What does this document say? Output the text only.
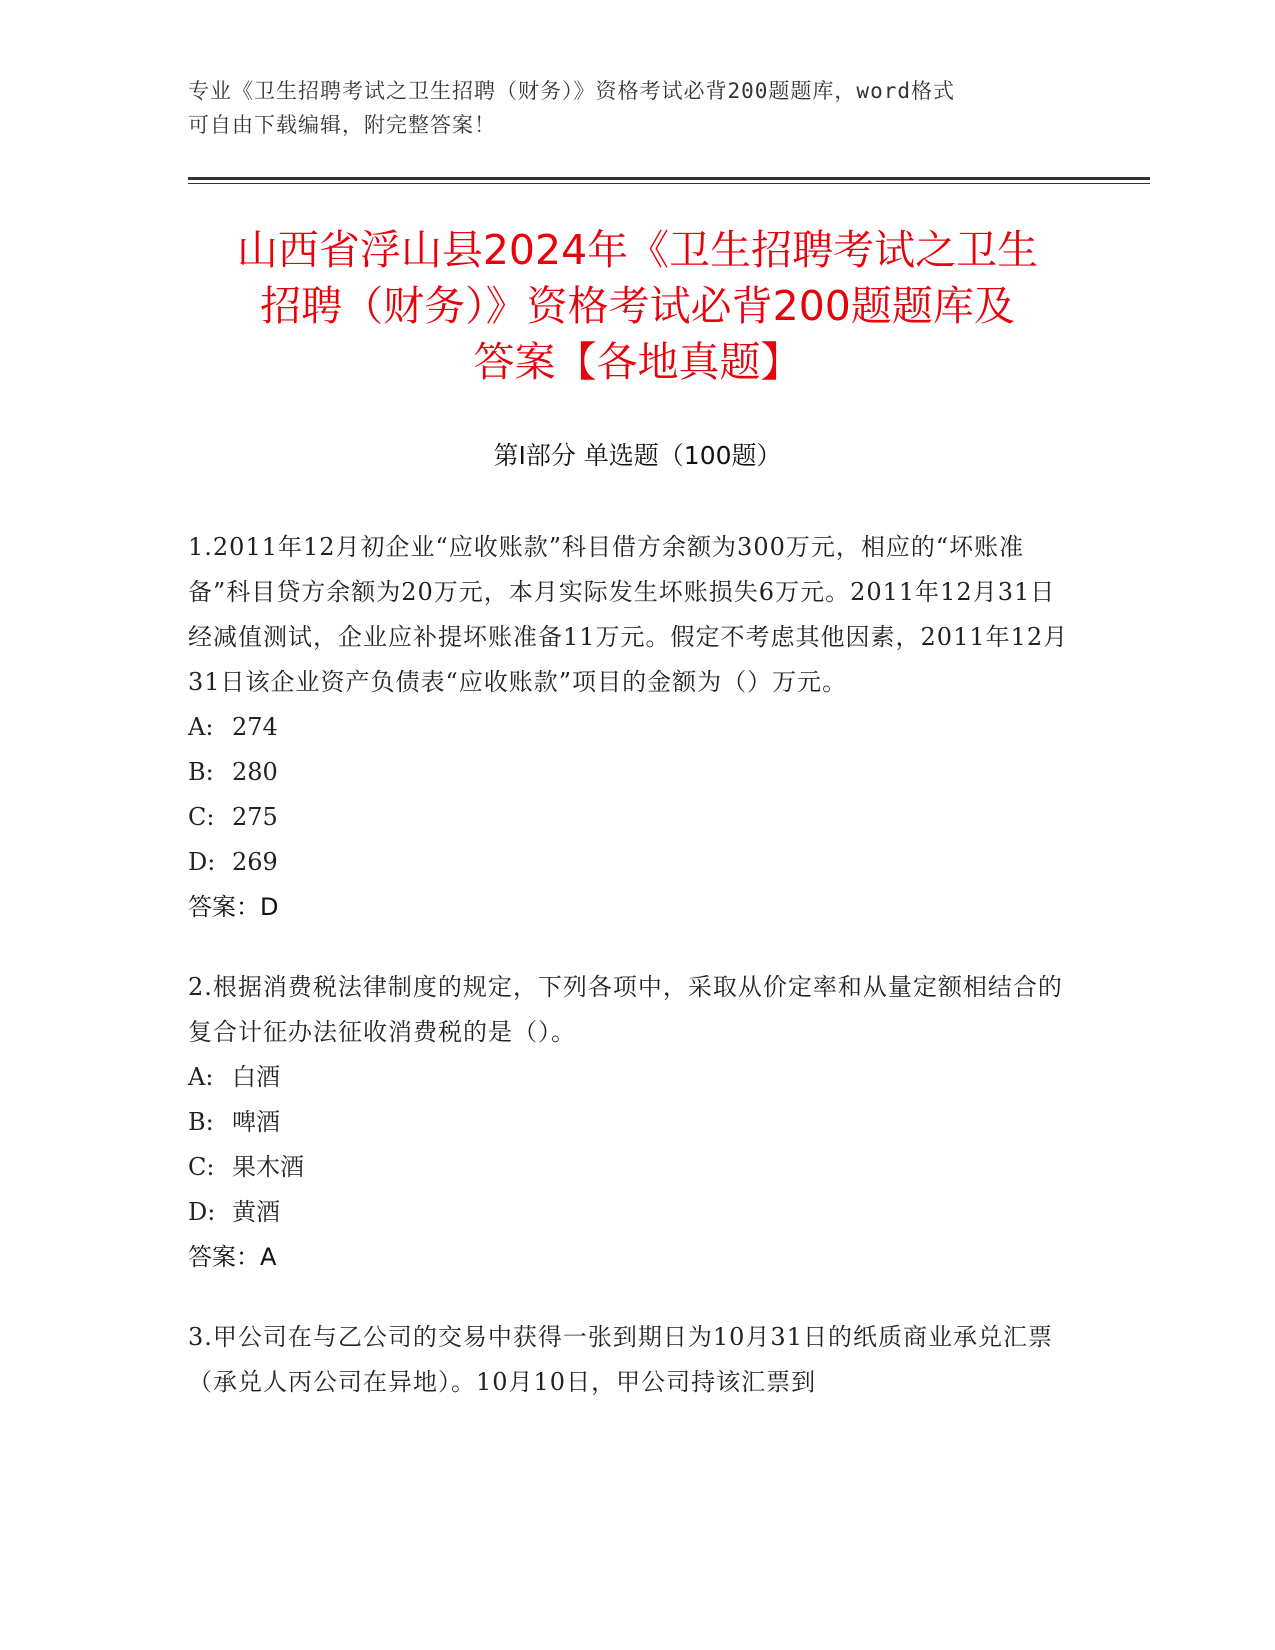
专业《卫生招聘考试之卫生招聘（财务）》资格考试必背200题题库，word格式
可自由下载编辑，附完整答案！
山西省浮山县2024年《卫生招聘考试之卫生
招聘（财务）》资格考试必背200题题库及
答案【各地真题】
第I部分 单选题（100题）

1.2011年12月初企业“应收账款”科目借方余额为300万元，相应的“坏账准备”科目贷方余额为20万元，本月实际发生坏账损失6万元。2011年12月31日经减值测试，企业应补提坏账准备11万元。假定不考虑其他因素，2011年12月31日该企业资产负债表“应收账款”项目的金额为（）万元。

A: 274
B: 280
C: 275
D: 269

答案：D

2.根据消费税法律制度的规定，下列各项中，采取从价定率和从量定额相结合的复合计征办法征收消费税的是（）。

A: 白酒
B: 啤酒
C: 果木酒
D: 黄酒

答案：A

3.甲公司在与乙公司的交易中获得一张到期日为10月31日的纸质商业承兑汇票（承兑人丙公司在异地）。10月10日，甲公司持该汇票到
